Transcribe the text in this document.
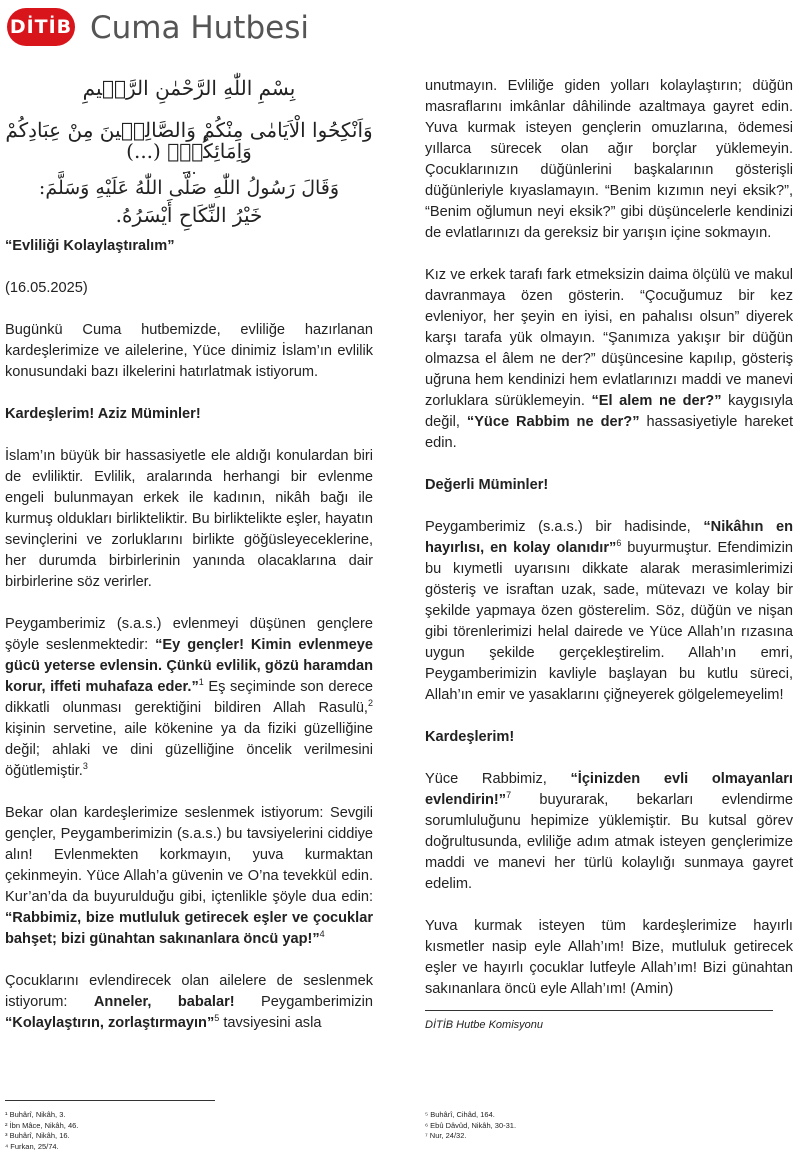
DİTİB Cuma Hutbesi
بِسْمِ اللّٰهِ الرَّحْمٰنِ الرَّح۪يمِ
وَاَنْكِحُوا الْاَيَامٰى مِنْكُمْ وَالصَّالِح۪ينَ مِنْ عِبَادِكُمْ وَاِمَائِكُمْۜ (...)
...
وَقَالَ رَسُولُ اللّٰهِ صَلَّى اللّٰهُ عَلَيْهِ وَسَلَّمَ:
خَيْرُ النِّكَاحِ أَيْسَرُهُ.

“Evliliği Kolaylaştıralım”

(16.05.2025)

Bugünkü Cuma hutbemizde, evliliğe hazırlanan kardeşlerimize ve ailelerine, Yüce dinimiz İslam’ın evlilik konusundaki bazı ilkelerini hatırlatmak istiyorum.

Kardeşlerim! Aziz Müminler!

İslam’ın büyük bir hassasiyetle ele aldığı konulardan biri de evliliktir. Evlilik, aralarında herhangi bir evlenme engeli bulunmayan erkek ile kadının, nikâh bağı ile kurmuş oldukları birlikteliktir. Bu birliktelikte eşler, hayatın sevinçlerini ve zorluklarını birlikte göğüsleyeceklerine, her durumda birbirlerinin yanında olacaklarına dair birbirlerine söz verirler.

Peygamberimiz (s.a.s.) evlenmeyi düşünen gençlere şöyle seslenmektedir: “Ey gençler! Kimin evlenmeye gücü yeterse evlensin. Çünkü evlilik, gözü haramdan korur, iffeti muhafaza eder.”$^1$ Eş seçiminde son derece dikkatli olunması gerektiğini bildiren Allah Rasulü,$^2$ kişinin servetine, aile kökenine ya da fiziki güzelliğine değil; ahlaki ve dini güzelliğine öncelik verilmesini öğütlemiştir.$^3$

Bekar olan kardeşlerimize seslenmek istiyorum: Sevgili gençler, Peygamberimizin (s.a.s.) bu tavsiyelerini ciddiye alın! Evlenmekten korkmayın, yuva kurmaktan çekinmeyin. Yüce Allah’a güvenin ve O’na tevekkül edin. Kur’an’da da buyurulduğu gibi, içtenlikle şöyle dua edin: “Rabbimiz, bize mutluluk getirecek eşler ve çocuklar bahşet; bizi günahtan sakınanlara öncü yap!”$^4$

Çocuklarını evlendirecek olan ailelere de seslenmek istiyorum: Anneler, babalar! Peygamberimizin “Kolaylaştırın, zorlaştırmayın”$^5$ tavsiyesini asla

unutmayın. Evliliğe giden yolları kolaylaştırın; düğün masraflarını imkânlar dâhilinde azaltmaya gayret edin. Yuva kurmak isteyen gençlerin omuzlarına, ödemesi yıllarca sürecek olan ağır borçlar yüklemeyin. Çocuklarınızın düğünlerini başkalarının gösterişli düğünleriyle kıyaslamayın. “Benim kızımın neyi eksik?”, “Benim oğlumun neyi eksik?” gibi düşüncelerle kendinizi de evlatlarınızı da gereksiz bir yarışın içine sokmayın.

Kız ve erkek tarafı fark etmeksizin daima ölçülü ve makul davranmaya özen gösterin. “Çocuğumuz bir kez evleniyor, her şeyin en iyisi, en pahalısı olsun” diyerek karşı tarafa yük olmayın. “Şanımıza yakışır bir düğün olmazsa el âlem ne der?” düşüncesine kapılıp, gösteriş uğruna hem kendinizi hem evlatlarınızı maddi ve manevi zorluklara sürüklemeyin. “El alem ne der?” kaygısıyla değil, “Yüce Rabbim ne der?” hassasiyetiyle hareket edin.

Değerli Müminler!

Peygamberimiz (s.a.s.) bir hadisinde, “Nikâhın en hayırlısı, en kolay olanıdır”$^6$ buyurmuştur. Efendimizin bu kıymetli uyarısını dikkate alarak merasimlerimizi gösteriş ve israftan uzak, sade, mütevazı ve kolay bir şekilde yapmaya özen gösterelim. Söz, düğün ve nişan gibi törenlerimizi helal dairede ve Yüce Allah’ın rızasına uygun şekilde gerçekleştirelim. Allah’ın emri, Peygamberimizin kavliyle başlayan bu kutlu süreci, Allah’ın emir ve yasaklarını çiğneyerek gölgelemeyelim!

Kardeşlerim!

Yüce Rabbimiz, “İçinizden evli olmayanları evlendirin!”$^7$ buyurarak, bekarları evlendirme sorumluluğunu hepimize yüklemiştir. Bu kutsal görev doğrultusunda, evliliğe adım atmak isteyen gençlerimize maddi ve manevi her türlü kolaylığı sunmaya gayret edelim.

Yuva kurmak isteyen tüm kardeşlerimize hayırlı kısmetler nasip eyle Allah’ım! Bize, mutluluk getirecek eşler ve hayırlı çocuklar lutfeyle Allah’ım! Bizi günahtan sakınanlara öncü eyle Allah’ım! (Amin)

DİTİB Hutbe Komisyonu

¹ Buhârî, Nikâh, 3.
² İbn Mâce, Nikâh, 46.
³ Buhârî, Nikâh, 16.
⁴ Furkan, 25/74.
⁵ Buhârî, Cihâd, 164.
⁶ Ebû Dâvûd, Nikâh, 30-31.
⁷ Nur, 24/32.
